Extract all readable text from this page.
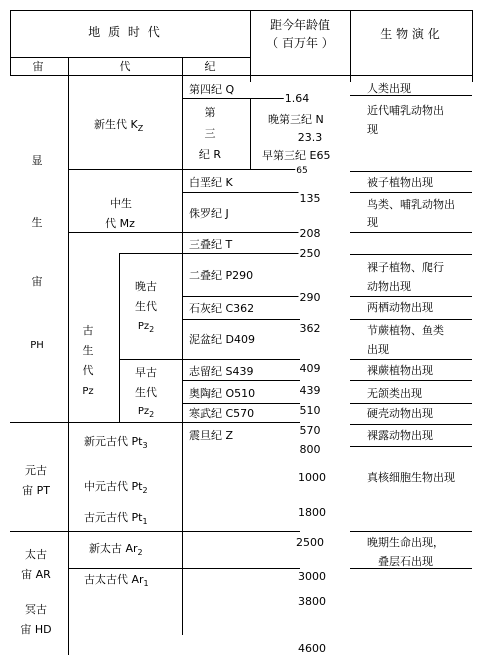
地 质 时 代
宙	代	纪
距今年龄值
（ 百万年 ）
生 物 演 化
显
生
宙
PH
元古
宙 PT
太古
宙 AR
冥古
宙 HD
新生代 $K_Z$
中生
代 Mz
古
生
代
Pz
晚古
生代
$Pz_2$
早古
生代
$Pz_2$
新元古代 $Pt_3$
中元古代 $Pt_2$
古元古代 $Pt_1$
新太古 $Ar_2$
古太古代 $Ar_1$
第四纪 Q
第
三
纪 R
晚第三纪 N
早第三纪 E65
白垩纪 K
侏罗纪 J
三叠纪 T
二叠纪 P290
石灰纪 C362
泥盆纪 D409
志留纪 S439
奥陶纪 O510
寒武纪 C570
震旦纪 Z
1.64
23.3
65
135
208
250
290
362
409
439
510
570
800
1000
1800
2500
3000
3800
4600
人类出现
近代哺乳动物出
现
被子植物出现
鸟类、哺乳动物出
现
裸子植物、爬行
动物出现
两栖动物出现
节蕨植物、鱼类
出现
裸蕨植物出现
无颌类出现
硬壳动物出现
裸露动物出现
真核细胞生物出现
晚期生命出现，
叠层石出现
